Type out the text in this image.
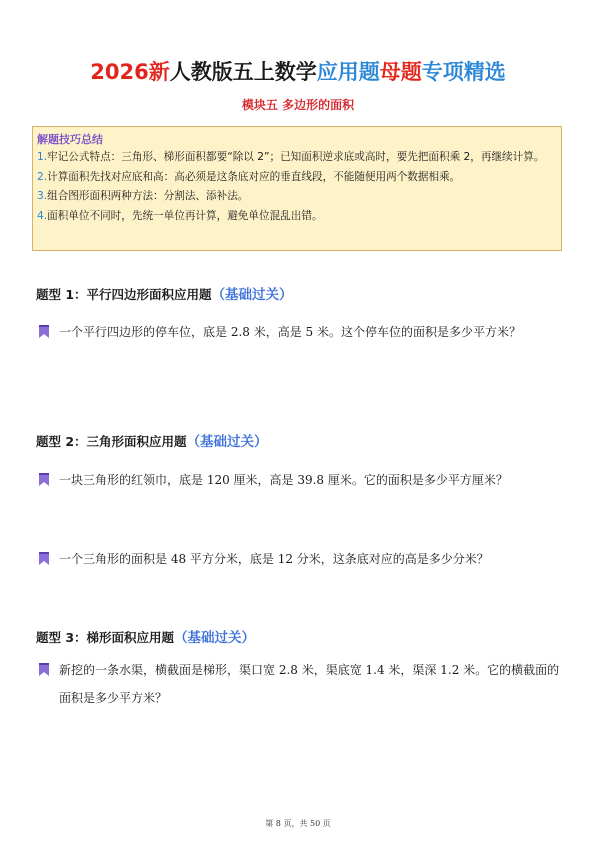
2026新人教版五上数学应用题母题专项精选
模块五 多边形的面积
解题技巧总结

1.牢记公式特点：三角形、梯形面积都要“除以 2”；已知面积逆求底或高时，要先把面积乘 2，再继续计算。

2.计算面积先找对应底和高：高必须是这条底对应的垂直线段，不能随便用两个数据相乘。

3.组合图形面积两种方法：分割法、添补法。

4.面积单位不同时，先统一单位再计算，避免单位混乱出错。

题型 1：平行四边形面积应用题（基础过关）
一个平行四边形的停车位，底是 2.8 米，高是 5 米。这个停车位的面积是多少平方米？
题型 2：三角形面积应用题（基础过关）
一块三角形的红领巾，底是 120 厘米，高是 39.8 厘米。它的面积是多少平方厘米？
一个三角形的面积是 48 平方分米，底是 12 分米，这条底对应的高是多少分米？
题型 3：梯形面积应用题（基础过关）
新挖的一条水渠，横截面是梯形，渠口宽 2.8 米，渠底宽 1.4 米，渠深 1.2 米。它的横截面的面积是多少平方米？
第 8 页，共 50 页
